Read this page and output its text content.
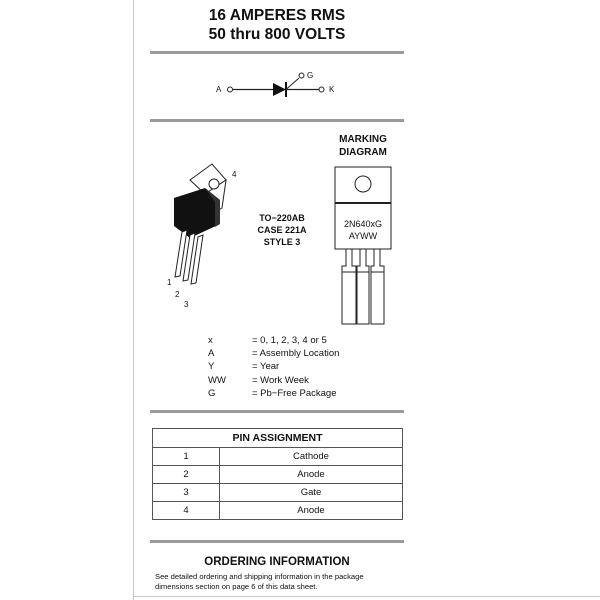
16 AMPERES RMS
50 thru 800 VOLTS
A
G
K
4
1
2
3
TO−220AB
CASE 221A
STYLE 3
MARKING
DIAGRAM
2N640xG
AYWW
x	= 0, 1, 2, 3, 4 or 5
A	= Assembly Location
Y	= Year
WW	= Work Week
G	= Pb−Free Package
PIN ASSIGNMENT	
1	Cathode
2	Anode
3	Gate
4	Anode
ORDERING INFORMATION
See detailed ordering and shipping information in the package
dimensions section on page 6 of this data sheet.
